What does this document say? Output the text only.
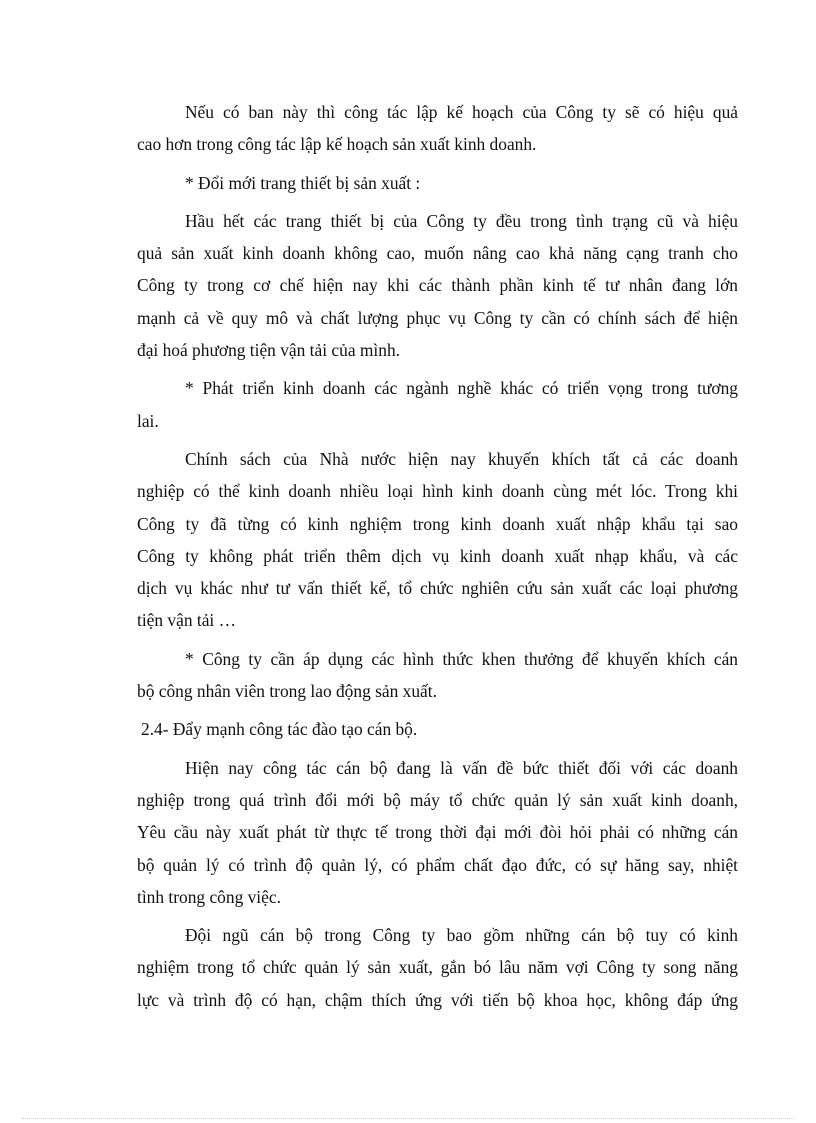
Nếu có ban này thì công tác lập kế hoạch của Công ty sẽ có hiệu quả
cao hơn trong công tác lập kế hoạch sản xuất kinh doanh.
* Đổi mới trang thiết bị sản xuất :
Hầu hết các trang thiết bị của Công ty đều trong tình trạng cũ và hiệu
quả sản xuất kinh doanh không cao, muốn nâng cao khả năng cạng tranh cho
Công ty trong cơ chế hiện nay khi các thành phần kinh tế tư nhân đang lớn
mạnh cả về quy mô và chất lượng phục vụ Công ty cần có chính sách để hiện
đại hoá phương tiện vận tải của mình.
* Phát triển kinh doanh các ngành nghề khác có triển vọng trong tương
lai.
Chính sách của Nhà nước hiện nay khuyến khích tất cả các doanh
nghiệp có thể kinh doanh nhiều loại hình kinh doanh cùng mét lóc. Trong khi
Công ty đã từng có kinh nghiệm trong kinh doanh xuất nhập khẩu tại sao
Công ty không phát triển thêm dịch vụ kinh doanh xuất nhạp khẩu, và các
dịch vụ khác như tư vấn thiết kế, tổ chức nghiên cứu sản xuất các loại phương
tiện vận tải …
* Công ty cần áp dụng các hình thức khen thưởng để khuyến khích cán
bộ công nhân viên trong lao động sản xuất.
2.4- Đẩy mạnh công tác đào tạo cán bộ.
Hiện nay công tác cán bộ đang là vấn đề bức thiết đối với các doanh
nghiệp trong quá trình đổi mới bộ máy tổ chức quản lý sản xuất kinh doanh,
Yêu cầu này xuất phát từ thực tế trong thời đại mới đòi hỏi phải có những cán
bộ quản lý có trình độ quản lý, có phẩm chất đạo đức, có sự hăng say, nhiệt
tình trong công việc.
Đội ngũ cán bộ trong Công ty bao gồm những cán bộ tuy có kinh
nghiệm trong tổ chức quản lý sản xuất, gắn bó lâu năm vợi Công ty song năng
lực và trình độ có hạn, chậm thích ứng với tiến bộ khoa học, không đáp ứng
